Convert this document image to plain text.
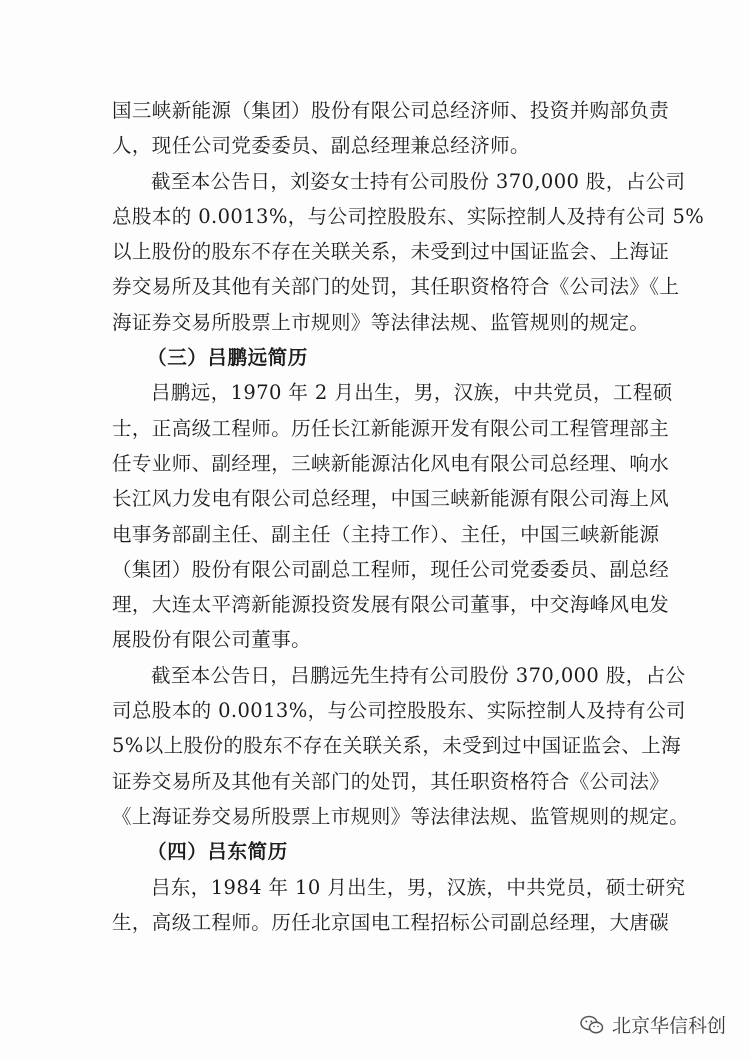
国三峡新能源（集团）股份有限公司总经济师、投资并购部负责
人，现任公司党委委员、副总经理兼总经济师。
截至本公告日，刘姿女士持有公司股份 370,000 股，占公司
总股本的 0.0013%，与公司控股股东、实际控制人及持有公司 5%
以上股份的股东不存在关联关系，未受到过中国证监会、上海证
券交易所及其他有关部门的处罚，其任职资格符合《公司法》《上
海证券交易所股票上市规则》等法律法规、监管规则的规定。
（三）吕鹏远简历
吕鹏远，1970 年 2 月出生，男，汉族，中共党员，工程硕
士，正高级工程师。历任长江新能源开发有限公司工程管理部主
任专业师、副经理，三峡新能源沽化风电有限公司总经理、响水
长江风力发电有限公司总经理，中国三峡新能源有限公司海上风
电事务部副主任、副主任（主持工作）、主任，中国三峡新能源
（集团）股份有限公司副总工程师，现任公司党委委员、副总经
理，大连太平湾新能源投资发展有限公司董事，中交海峰风电发
展股份有限公司董事。
截至本公告日，吕鹏远先生持有公司股份 370,000 股，占公
司总股本的 0.0013%，与公司控股股东、实际控制人及持有公司
5%以上股份的股东不存在关联关系，未受到过中国证监会、上海
证券交易所及其他有关部门的处罚，其任职资格符合《公司法》
《上海证券交易所股票上市规则》等法律法规、监管规则的规定。
（四）吕东简历
吕东，1984 年 10 月出生，男，汉族，中共党员，硕士研究
生，高级工程师。历任北京国电工程招标公司副总经理，大唐碳
北京华信科创
